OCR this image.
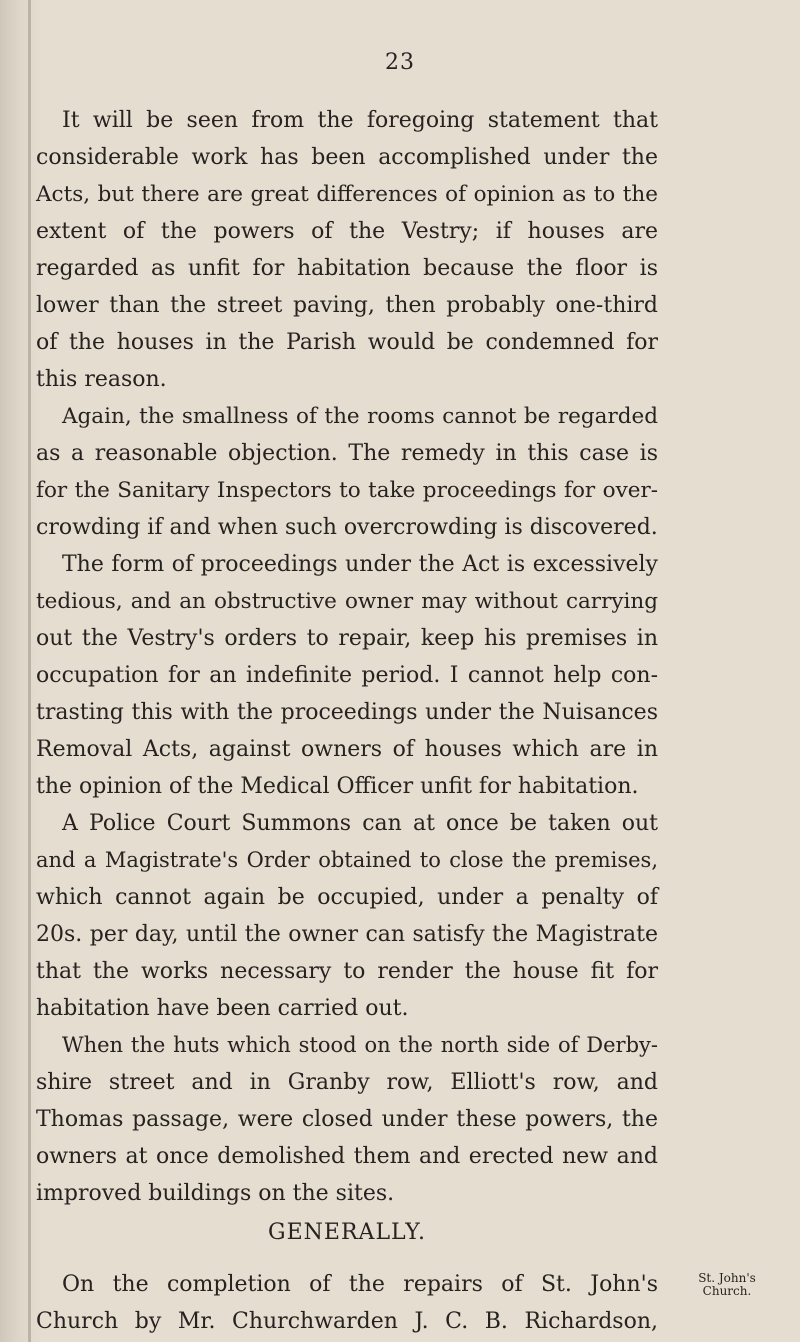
23
It will be seen from the foregoing statement that
considerable work has been accomplished under the
Acts, but there are great differences of opinion as to the
extent of the powers of the Vestry; if houses are
regarded as unfit for habitation because the floor is
lower than the street paving, then probably one-third
of the houses in the Parish would be condemned for
this reason.
Again, the smallness of the rooms cannot be regarded
as a reasonable objection. The remedy in this case is
for the Sanitary Inspectors to take proceedings for over-
crowding if and when such overcrowding is discovered.
The form of proceedings under the Act is excessively
tedious, and an obstructive owner may without carrying
out the Vestry's orders to repair, keep his premises in
occupation for an indefinite period. I cannot help con-
trasting this with the proceedings under the Nuisances
Removal Acts, against owners of houses which are in
the opinion of the Medical Officer unfit for habitation.
A Police Court Summons can at once be taken out
and a Magistrate's Order obtained to close the premises,
which cannot again be occupied, under a penalty of
20s. per day, until the owner can satisfy the Magistrate
that the works necessary to render the house fit for
habitation have been carried out.
When the huts which stood on the north side of Derby-
shire street and in Granby row, Elliott's row, and
Thomas passage, were closed under these powers, the
owners at once demolished them and erected new and
improved buildings on the sites.
GENERALLY.
On the completion of the repairs of St. John's
Church by Mr. Churchwarden J. C. B. Richardson,
St. John's
Church.
